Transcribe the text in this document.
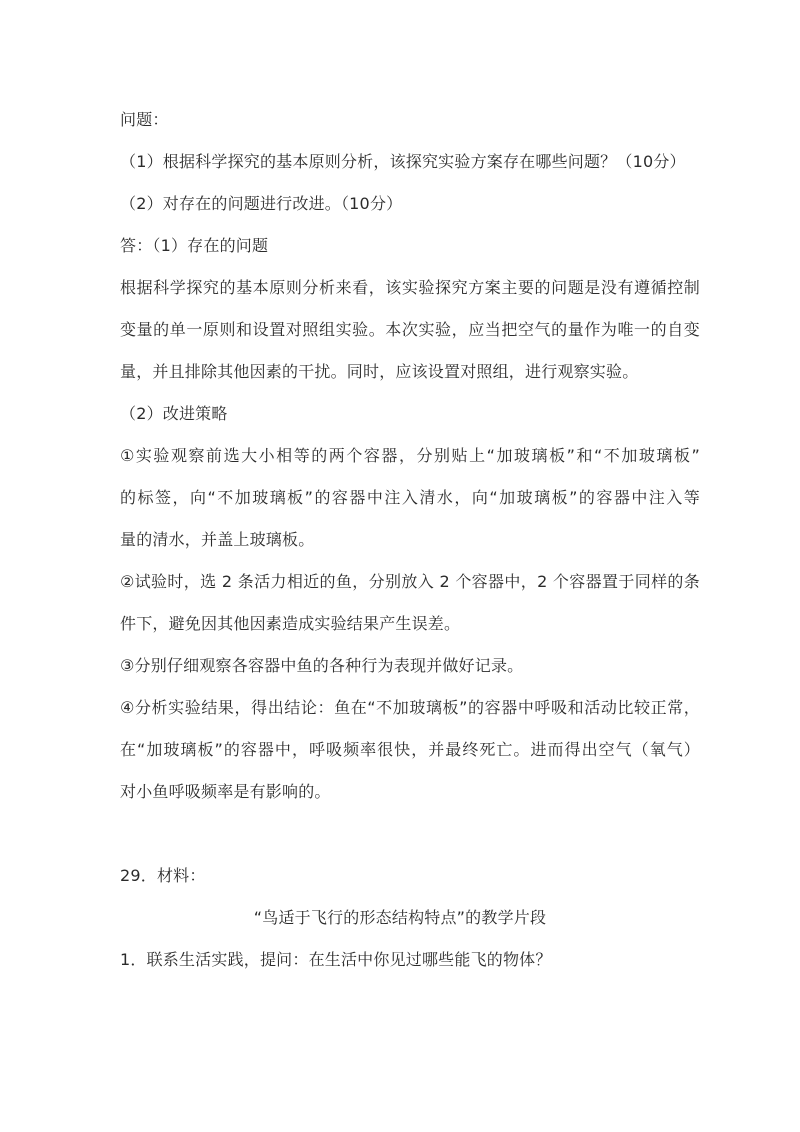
问题：
（1）根据科学探究的基本原则分析，该探究实验方案存在哪些问题？（10分）
（2）对存在的问题进行改进。（10分）
答：（1）存在的问题
根据科学探究的基本原则分析来看，该实验探究方案主要的问题是没有遵循控制
变量的单一原则和设置对照组实验。本次实验，应当把空气的量作为唯一的自变
量，并且排除其他因素的干扰。同时，应该设置对照组，进行观察实验。
（2）改进策略
①实验观察前选大小相等的两个容器，分别贴上“加玻璃板”和“不加玻璃板”
的标签，向“不加玻璃板”的容器中注入清水，向“加玻璃板”的容器中注入等
量的清水，并盖上玻璃板。
②试验时，选 2 条活力相近的鱼，分别放入 2 个容器中，2 个容器置于同样的条
件下，避免因其他因素造成实验结果产生误差。
③分别仔细观察各容器中鱼的各种行为表现并做好记录。
④分析实验结果，得出结论：鱼在“不加玻璃板”的容器中呼吸和活动比较正常，
在“加玻璃板”的容器中，呼吸频率很快，并最终死亡。进而得出空气（氧气）
对小鱼呼吸频率是有影响的。
29．材料：
“鸟适于飞行的形态结构特点”的教学片段
1．联系生活实践，提问：在生活中你见过哪些能飞的物体？
